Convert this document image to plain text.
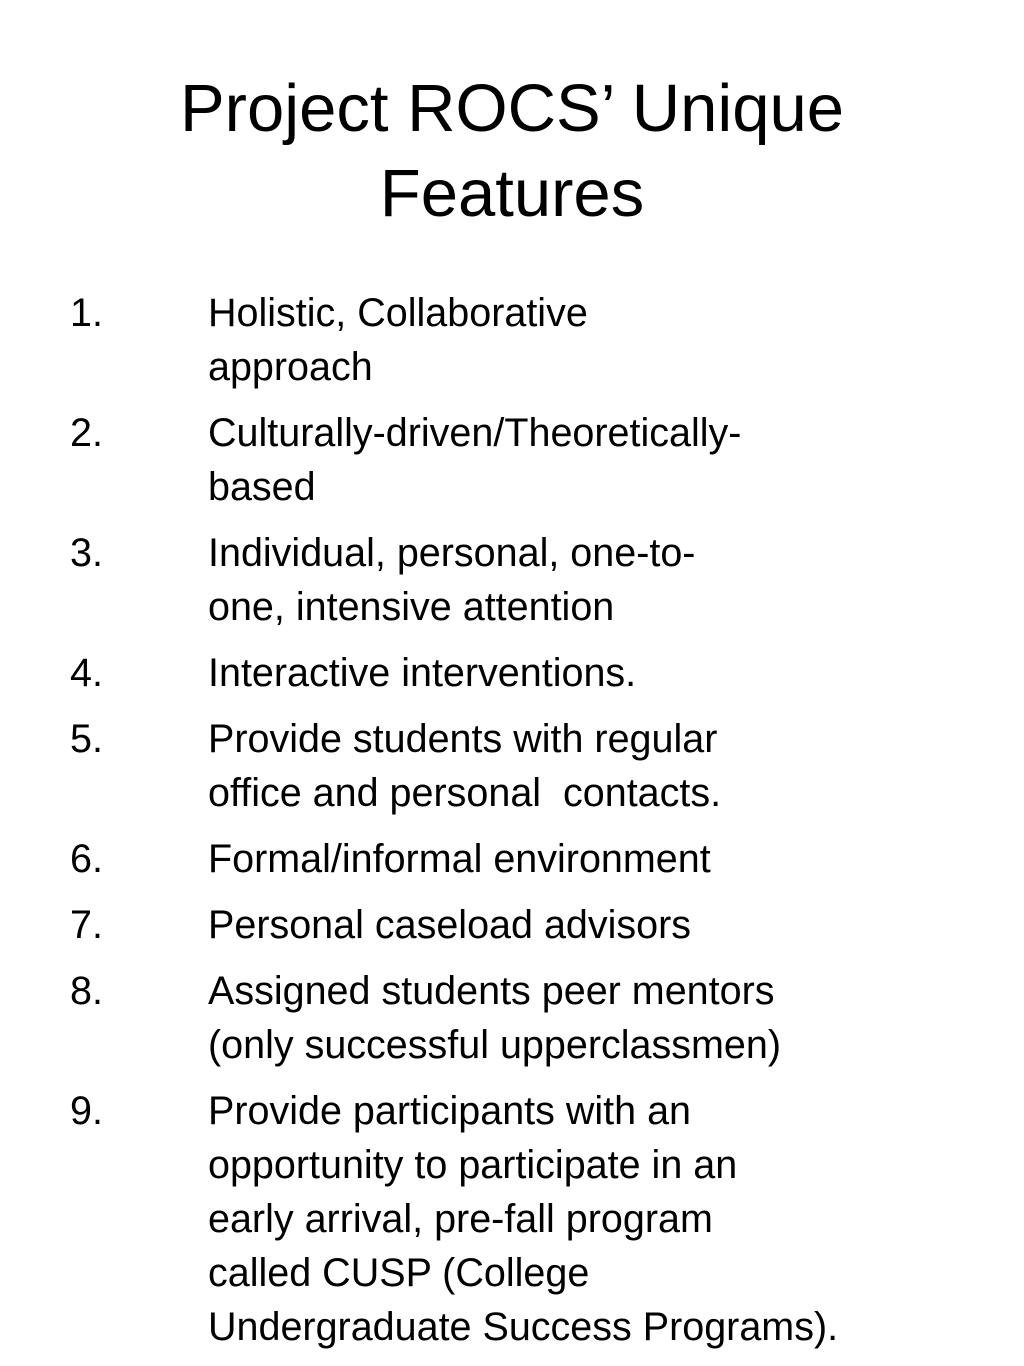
Project ROCS’ Unique
Features
1.	Holistic, Collaborative
approach
2.	Culturally-driven/Theoretically-
based
3.	Individual, personal, one-to-
one, intensive attention
4.	Interactive interventions.
5.	Provide students with regular
office and personal  contacts.
6.	Formal/informal environment
7.	Personal caseload advisors
8.	Assigned students peer mentors
(only successful upperclassmen)
9.	Provide participants with an
opportunity to participate in an
early arrival, pre-fall program
called CUSP (College
Undergraduate Success Programs).
